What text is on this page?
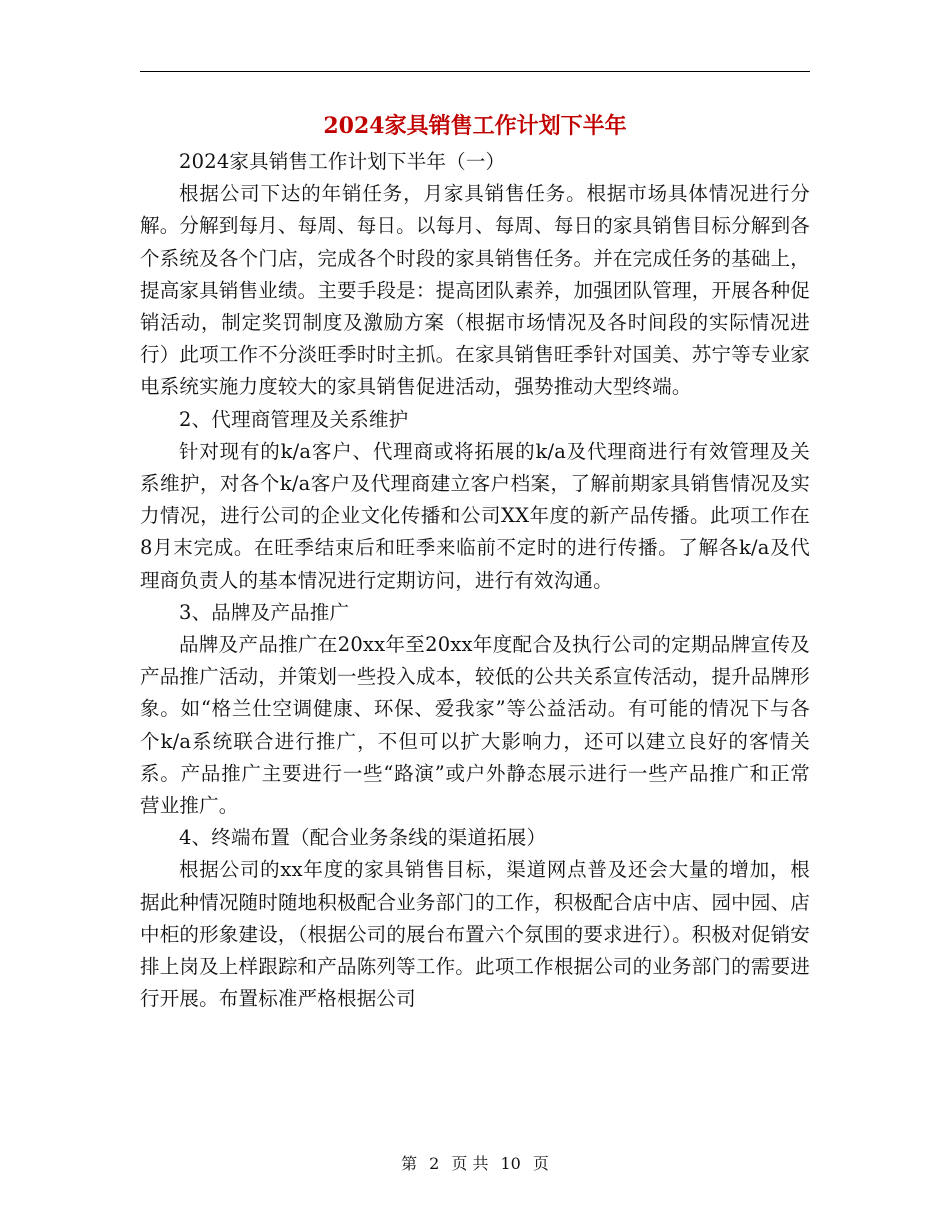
2024家具销售工作计划下半年

2024家具销售工作计划下半年（一）

根据公司下达的年销任务，月家具销售任务。根据市场具体情况进行分解。分解到每月、每周、每日。以每月、每周、每日的家具销售目标分解到各个系统及各个门店，完成各个时段的家具销售任务。并在完成任务的基础上，提高家具销售业绩。主要手段是：提高团队素养，加强团队管理，开展各种促销活动，制定奖罚制度及激励方案（根据市场情况及各时间段的实际情况进行）此项工作不分淡旺季时时主抓。在家具销售旺季针对国美、苏宁等专业家电系统实施力度较大的家具销售促进活动，强势推动大型终端。

2、代理商管理及关系维护

针对现有的k/a客户、代理商或将拓展的k/a及代理商进行有效管理及关系维护，对各个k/a客户及代理商建立客户档案，了解前期家具销售情况及实力情况，进行公司的企业文化传播和公司XX年度的新产品传播。此项工作在8月末完成。在旺季结束后和旺季来临前不定时的进行传播。了解各k/a及代理商负责人的基本情况进行定期访问，进行有效沟通。

3、品牌及产品推广

品牌及产品推广在20xx年至20xx年度配合及执行公司的定期品牌宣传及产品推广活动，并策划一些投入成本，较低的公共关系宣传活动，提升品牌形象。如“格兰仕空调健康、环保、爱我家”等公益活动。有可能的情况下与各个k/a系统联合进行推广，不但可以扩大影响力，还可以建立良好的客情关系。产品推广主要进行一些“路演”或户外静态展示进行一些产品推广和正常营业推广。

4、终端布置（配合业务条线的渠道拓展）

根据公司的xx年度的家具销售目标，渠道网点普及还会大量的增加，根据此种情况随时随地积极配合业务部门的工作，积极配合店中店、园中园、店中柜的形象建设，（根据公司的展台布置六个氛围的要求进行）。积极对促销安排上岗及上样跟踪和产品陈列等工作。此项工作根据公司的业务部门的需要进行开展。布置标准严格根据公司

第 2 页 共 10 页
